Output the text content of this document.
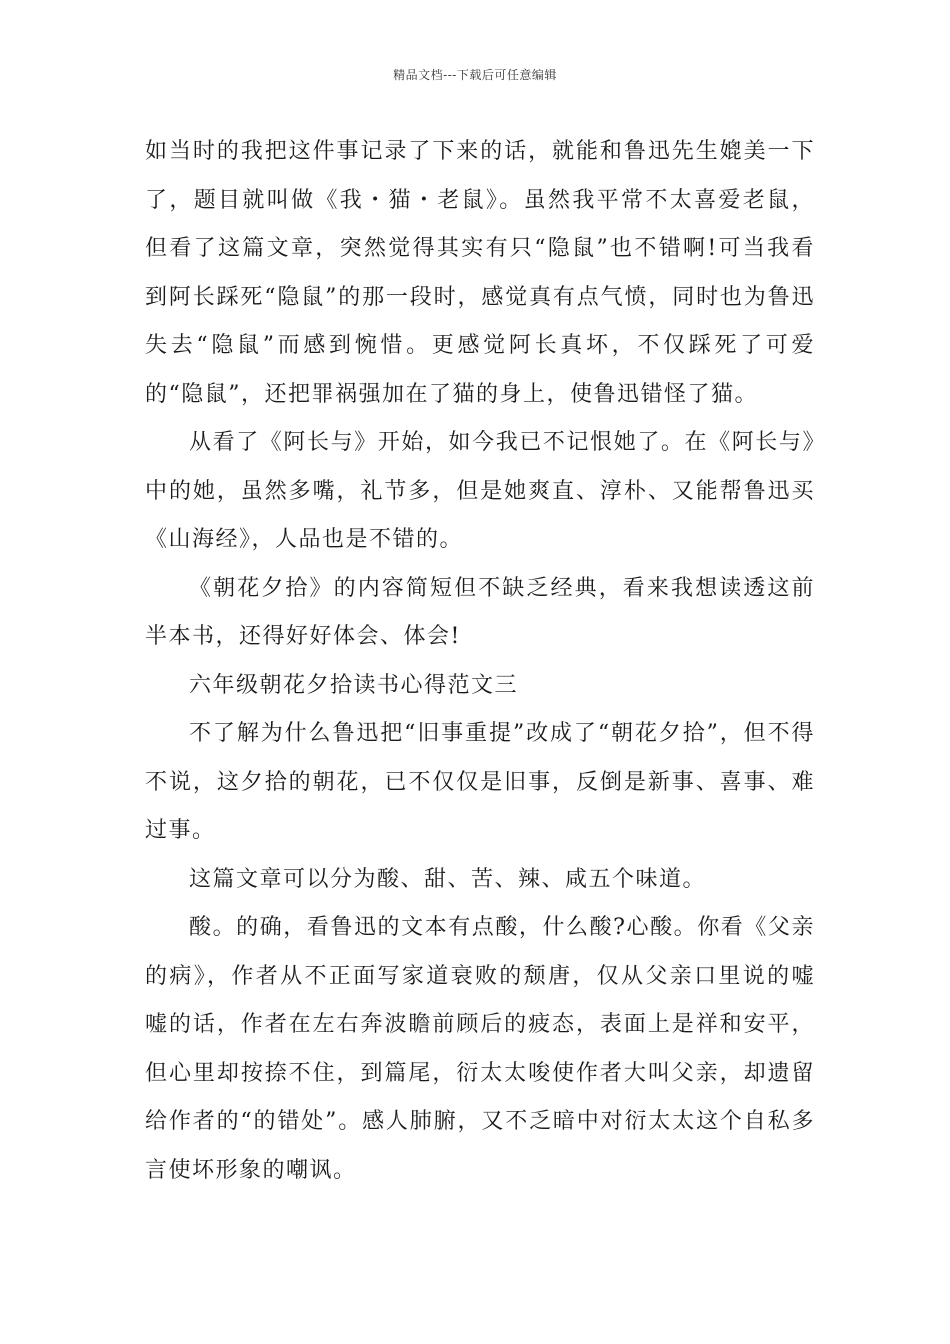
精品文档---下载后可任意编辑

如当时的我把这件事记录了下来的话，就能和鲁迅先生媲美一下了，题目就叫做《我・猫・老鼠》。虽然我平常不太喜爱老鼠，但看了这篇文章，突然觉得其实有只“隐鼠”也不错啊!可当我看到阿长踩死“隐鼠”的那一段时，感觉真有点气愤，同时也为鲁迅失去“隐鼠”而感到惋惜。更感觉阿长真坏，不仅踩死了可爱的“隐鼠”，还把罪祸强加在了猫的身上，使鲁迅错怪了猫。

从看了《阿长与》开始，如今我已不记恨她了。在《阿长与》中的她，虽然多嘴，礼节多，但是她爽直、淳朴、又能帮鲁迅买《山海经》，人品也是不错的。

《朝花夕拾》的内容简短但不缺乏经典，看来我想读透这前半本书，还得好好体会、体会!

六年级朝花夕拾读书心得范文三

不了解为什么鲁迅把“旧事重提”改成了“朝花夕拾”，但不得不说，这夕拾的朝花，已不仅仅是旧事，反倒是新事、喜事、难过事。

这篇文章可以分为酸、甜、苦、辣、咸五个味道。

酸。的确，看鲁迅的文本有点酸，什么酸?心酸。你看《父亲的病》，作者从不正面写家道衰败的颓唐，仅从父亲口里说的嘘嘘的话，作者在左右奔波瞻前顾后的疲态，表面上是祥和安平，但心里却按捺不住，到篇尾，衍太太唆使作者大叫父亲，却遗留给作者的“的错处”。感人肺腑，又不乏暗中对衍太太这个自私多言使坏形象的嘲讽。
